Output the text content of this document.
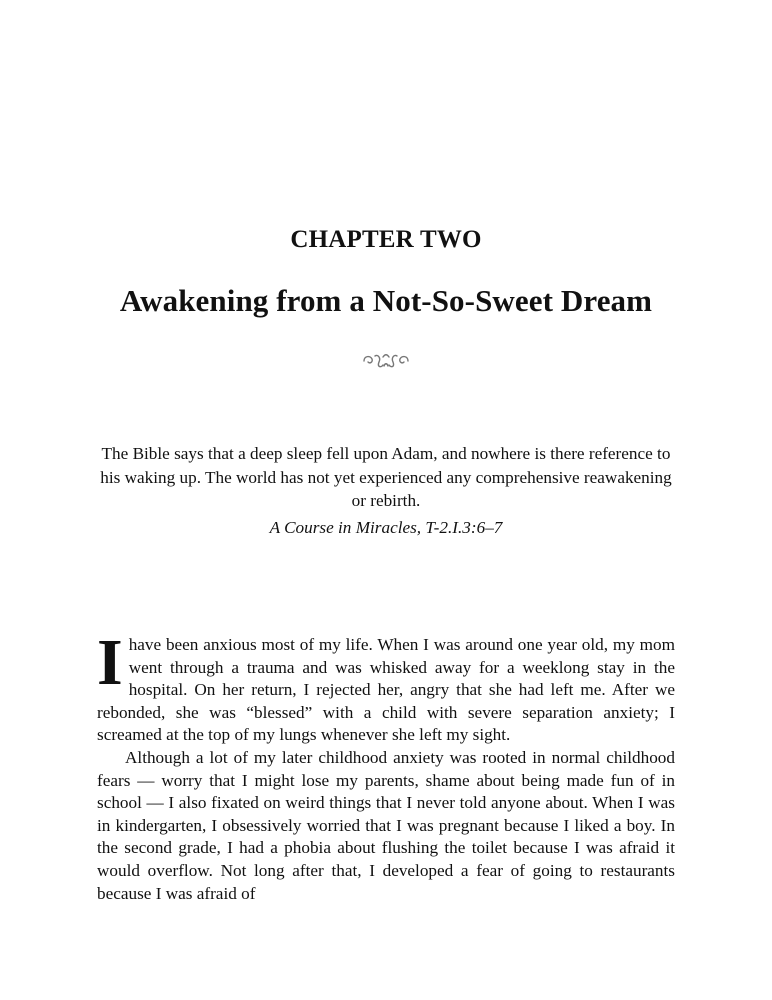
CHAPTER TWO
Awakening from a Not-So-Sweet Dream
The Bible says that a deep sleep fell upon Adam, and nowhere is there reference to his waking up. The world has not yet experienced any comprehensive reawakening or rebirth.
A Course in Miracles, T-2.I.3:6–7

I have been anxious most of my life. When I was around one year old, my mom went through a trauma and was whisked away for a weeklong stay in the hospital. On her return, I rejected her, angry that she had left me. After we rebonded, she was “blessed” with a child with severe separation anxiety; I screamed at the top of my lungs whenever she left my sight.

Although a lot of my later childhood anxiety was rooted in normal childhood fears — worry that I might lose my parents, shame about being made fun of in school — I also fixated on weird things that I never told anyone about. When I was in kindergarten, I obsessively worried that I was pregnant because I liked a boy. In the second grade, I had a phobia about flushing the toilet because I was afraid it would overflow. Not long after that, I developed a fear of going to restaurants because I was afraid of
